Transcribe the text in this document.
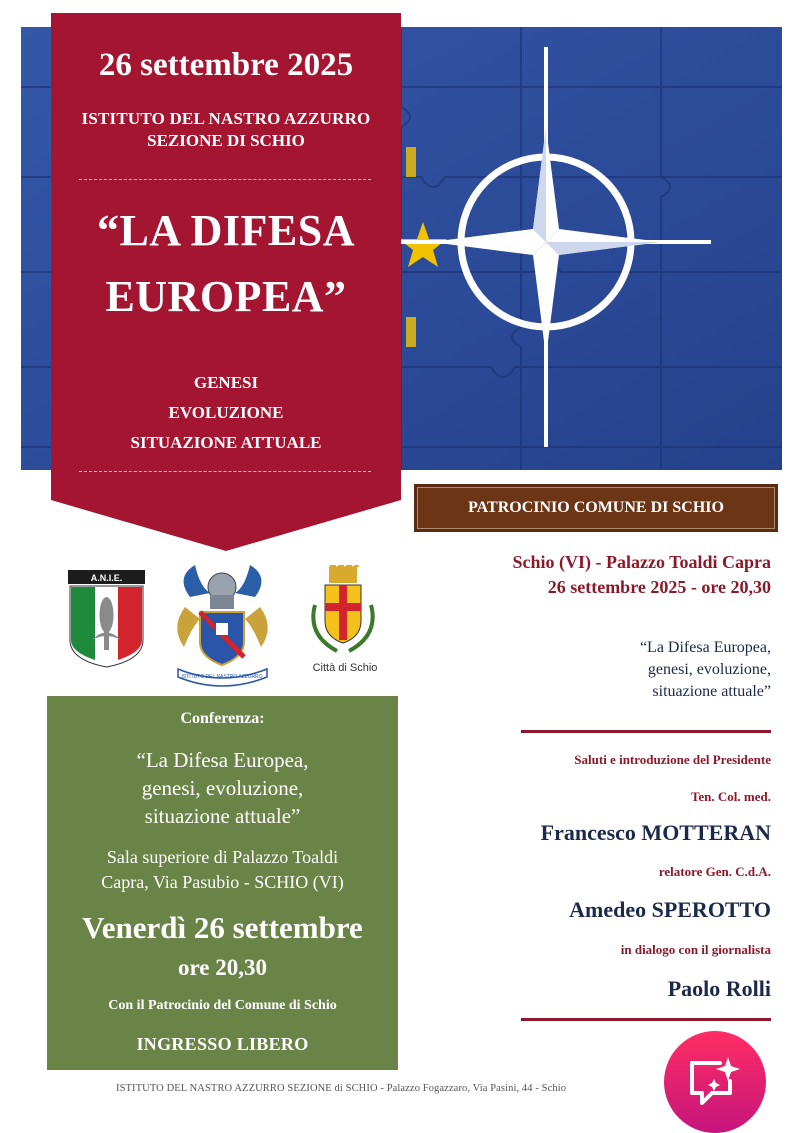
26 settembre 2025
ISTITUTO DEL NASTRO AZZURRO
SEZIONE DI SCHIO
“LA DIFESA
EUROPEA”
GENESI
EVOLUZIONE
SITUAZIONE ATTUALE
A.N.I.E.
ISTITUTO DEL NASTRO AZZURRO
Città di Schio
Conferenza:
“La Difesa Europea,
genesi, evoluzione,
situazione attuale”
Sala superiore di Palazzo Toaldi
Capra, Via Pasubio - SCHIO (VI)
Venerdì 26 settembre
ore 20,30
Con il Patrocinio del Comune di Schio
INGRESSO LIBERO
PATROCINIO COMUNE DI SCHIO
Schio (VI) - Palazzo Toaldi Capra
26 settembre 2025 - ore 20,30
“La Difesa Europea,
genesi, evoluzione,
situazione attuale”
Saluti e introduzione del Presidente
Ten. Col. med.
Francesco MOTTERAN
relatore Gen. C.d.A.
Amedeo SPEROTTO
in dialogo con il giornalista
Paolo Rolli
ISTITUTO DEL NASTRO AZZURRO SEZIONE di SCHIO - Palazzo Fogazzaro, Via Pasini, 44 - Schio
